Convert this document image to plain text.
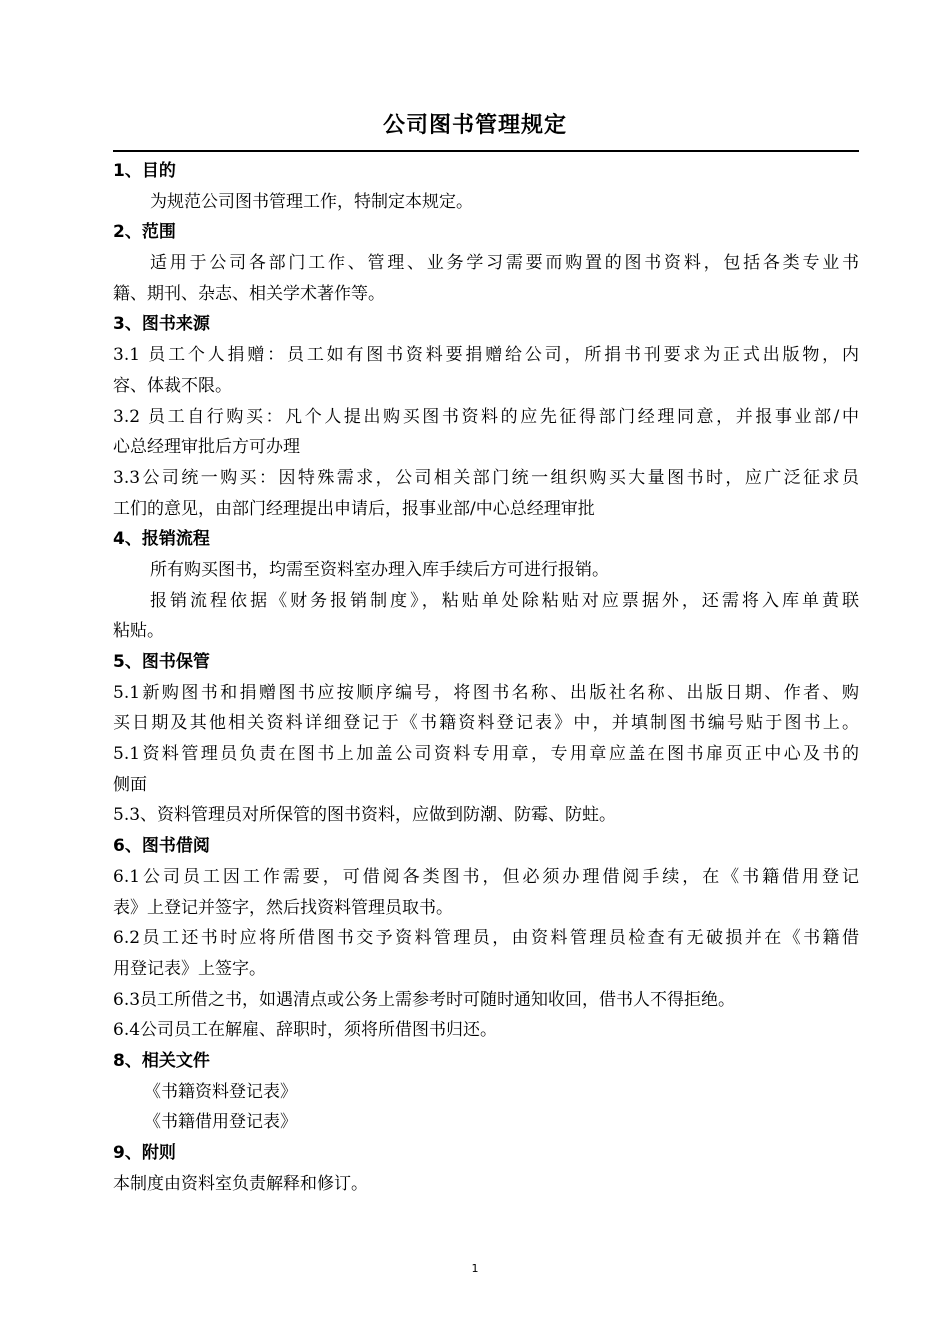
公司图书管理规定
1、目的
为规范公司图书管理工作，特制定本规定。
2、范围
适用于公司各部门工作、管理、业务学习需要而购置的图书资料，包括各类专业书
籍、期刊、杂志、相关学术著作等。
3、图书来源
3.1 员工个人捐赠：员工如有图书资料要捐赠给公司，所捐书刊要求为正式出版物，内
容、体裁不限。
3.2 员工自行购买：凡个人提出购买图书资料的应先征得部门经理同意，并报事业部/中
心总经理审批后方可办理
3.3公司统一购买：因特殊需求，公司相关部门统一组织购买大量图书时，应广泛征求员
工们的意见，由部门经理提出申请后，报事业部/中心总经理审批
4、报销流程
所有购买图书，均需至资料室办理入库手续后方可进行报销。
报销流程依据《财务报销制度》，粘贴单处除粘贴对应票据外，还需将入库单黄联
粘贴。
5、图书保管
5.1新购图书和捐赠图书应按顺序编号，将图书名称、出版社名称、出版日期、作者、购
买日期及其他相关资料详细登记于《书籍资料登记表》中，并填制图书编号贴于图书上。
5.1资料管理员负责在图书上加盖公司资料专用章，专用章应盖在图书扉页正中心及书的
侧面
5.3、资料管理员对所保管的图书资料，应做到防潮、防霉、防蛀。
6、图书借阅
6.1公司员工因工作需要，可借阅各类图书，但必须办理借阅手续，在《书籍借用登记
表》上登记并签字，然后找资料管理员取书。
6.2员工还书时应将所借图书交予资料管理员，由资料管理员检查有无破损并在《书籍借
用登记表》上签字。
6.3员工所借之书，如遇清点或公务上需参考时可随时通知收回，借书人不得拒绝。
6.4公司员工在解雇、辞职时，须将所借图书归还。
8、相关文件
《书籍资料登记表》
《书籍借用登记表》
9、附则
本制度由资料室负责解释和修订。
1
